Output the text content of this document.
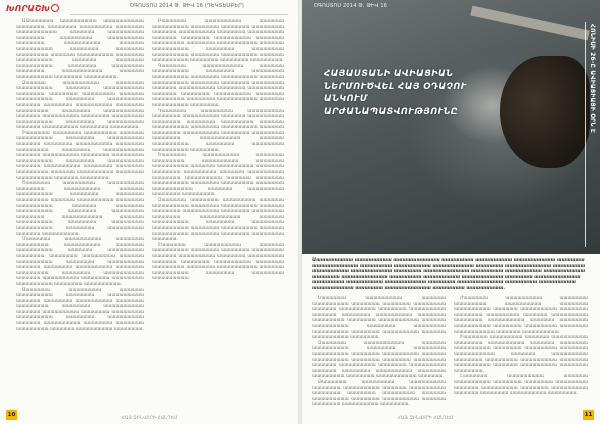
ԽՈՐԱՇԽ	ՕԳՈՍՏՈՍ 2014 Թ. ԹԻՎ 16 (ԴԵԿՏԵՄԲԵՐ)

ԱԱաաաաաա աաաաաաաաա աաաաաաաաաա աաաաաաա աաաաաաա աաաաաաաա աաաաաաա աաաաաաաաաա աաաաաա աաաաաաաաա աաաաաաա աաաաաաաա աաաաաաաաա աաաաաաա աաաաաաաաա աաաաաա աաաաաաաաա աաաաաաա աաաաաաա աաաաաաաա աաաաաա աաաաաաաաա աաաաաաա աաաաաաաաա աաաաաա աաաաաաա աաաաաաաաա աաաաաաա աաաաաաաա աաաաաաա աաաաաաաաաա աաաաաա աաաաաաաաա աաաաաաա աաաաաաաա.

Ձաաաաա աաաաաաաաա աաաաաաա աաաաաաաաա աաաաաա աաաաաաաաաա աաաաաաա աաաաաաա աաաաաաաա աաաաաա աաաաաաաաա աաաաաաա աաաաաաաաա աաաաաա աաաաաաա աաաաաաաաա աաաաաաա աաաաաաաա աաաաաաա աաաաաաաաաա աաաաաա աաաաաաաաա աաաաաաա աաաաաաաա աաաաաաաաա աաաաաաա աաաաաաաաա աաաաաա աաաաաաաաա աաաաաաա աաաաաաա.

Իաաաաաա աաաաաաա աաաաաաաա աաաաաա աաաաաաաաա աաաաաաա աաաաաաաաա աաաաաա աաաաաաա աաաաաաաաա աաաաաաա աաաաաաաա աաաաաաա աաաաաաաաաա աաաաաա աաաաաաաաա աաաաաաա աաաաաաաա աաաաաաաաա աաաաաաա աաաաաաաաա աաաաաա աաաաաաաաա աաաաաաա աաաաաաա աաաաաաաա աաաաաա աաաաաաաաա աաաաաաա աաաաաաաաա աաաաաա աաաաաաա.

Ծաաաաաա աաաաաաաա աաաաաաաաա աաաաաաա աաաաաաաաա աաաաաա աաաաաաաաա աաաաաաա աաաաաաա աաաաաաաա աաաաաա աաաաաաաաա աաաաաաա աաաաաաաաա աաաաաա աաաաաաա աաաաաաաաա աաաաաաա աաաաաաաա աաաաաաա աաաաաաաաաա աաաաաա աաաաաաաաա աաաաաաա աաաաաաաա աաաաաաաաա աաաաաաա աաաաաաաաա աաաաաա աաաաաաաաա.

Մաաաաաա աաաաաաաաա աաաաաաա աաաաաաաա աաաաաաաաա աաաաաաա աաաաաաաաա աաաաաա աաաաաաաաա աաաաաաա աաաաաաա աաաաաաաա աաաաաա աաաաաաաաա աաաաաաա աաաաաաաաա աաաաաա աաաաաաա աաաաաաաաա աաաաաաա աաաաաաաա աաաաաաա աաաաաաաաաա աաաաաա աաաաաաաաա աաաաաաա աաաաաաաա աաաաաաաաա աաաաաաա աաաաաաաաա.

Աաաաաաա աաաաաաաա աաաաաա աաաաաաաաա աաաաաաա աաաաաաաաա աաաաաա աաաաաաա աաաաաաաաա աաաաաաա աաաաաաաա աաաաաաա աաաաաաաաաա աաաաաա աաաաաաաաա աաաաաաա աաաաաաաա աաաաաաաաա աաաաաաա աաաաաաաաա աաաաաա աաաաաաաաա աաաաաաա աաաաաաա աաաաաաաա աաաաաա աաաաաաաաա աաաաաաա.

Բաաաաաա աաաաաաաաա աաաաաա աաաաաաաաա աաաաաաա աաաաաաա աաաաաաաա աաաաաա աաաաաաաաա աաաաաաա աաաաաաաաա աաաաաա աաաաաաա աաաաաաաաա աաաաաաա աաաաաաաա աաաաաաա աաաաաաաաաա աաաաաա աաաաաաաաա աաաաաաա աաաաաաաա աաաաաաաաա աաաաաաա աաաաաաաաա աաաաաա աաաաաաաաա աաաաաաա աաաաաաա աաաաաաաա.

Գաաաաաա աաաաաաաաաա աաաաաա աաաաաաաաա աաաաաաա աաաաաաաա աաաաաաաաա աաաաաաա աաաաաաաաա աաաաաա աաաաաաաաա աաաաաաա աաաաաաա աաաաաաաա աաաաաա աաաաաաաաա աաաաաաա աաաաաաաաա աաաաաա աաաաաաա աաաաաաաաա աաաաաաա աաաաաաաա աաաաաաա աաաաաաաաաա աաաաաա աաաաաաաաա աաաաաաա.

Դաաաաաա աաաաաաաա աաաաաաաաա աաաաաաա աաաաաաաաա աաաաաա աաաաաաաաա աաաաաաա աաաաաաա աաաաաաաա աաաաաա աաաաաաաաա աաաաաաա աաաաաաաաա աաաաաա աաաաաաա աաաաաաաաա աաաաաաա աաաաաաաա աաաաաաա աաաաաաաաաա աաաաաա աաաաաաաաա աաաաաաա աաաաաաաա աաաաաաաաա աաաաաաա.

Եաաաաաա աաաաաաաաա աաաաաաա աաաաաաաա աաաաաաաաա աաաաաաա աաաաաաաաա աաաաաա աաաաաաաաա աաաաաաա աաաաաաա աաաաաաաա աաաաաա աաաաաաաաա աաաաաաա աաաաաաաաա աաաաաա աաաաաաա աաաաաաաաա աաաաաաա աաաաաաաա աաաաաաա աաաաաաաաաա աաաաաա աաաաաաաաա աաաաաաա աաաաաաաա.

Զաաաաաա աաաաաաա աաաաաաաա աաաաաա աաաաաաաաա աաաաաաա աաաաաաաաա աաաաաա աաաաաաա աաաաաաաաա աաաաաաա աաաաաաաա աաաաաաա աաաաաաաաաա աաաաաա աաաաաաաաա աաաաաաա աաաաաաաա աաաաաաաաա աաաաաաա աաաաաաաաա աաաաաա աաաաաաաաա աաաաաաա աաաաաաա աաաաաաաա աաաաաա.

Էաաաաաա աաաաաաաաա աաաաաա աաաաաաաաա աաաաաաա աաաաաաա աաաաաաաա աաաաաա աաաաաաաաա աաաաաաա աաաաաաաաա աաաաաա աաաաաաա աաաաաաաաա աաաաաաա աաաաաաաա աաաաաաա աաաաաաաաաա աաաաաա աաաաաաաաա աաաաաաա աաաաաաաա աաաաաաաաա.

10	ՀԱՅ ԶԻՆՎՈՐԻ ՀԱՆԴԵՍ
ՀՈՆԻՍԻ 26-Ը ԱՎԻԱՑԻԱՅԻ ՕՐՆ Է
ՕԳՈՍՏՈՍ 2014 Թ. ԹԻՎ 16
ՀԱՅԱՍՏԱՆԻ ԱՎԻԱՑԻԱՆ
ՆԵՐՄՈՒԾՎԵԼ ՀԱՅ ՕԴԱՉՈՒ
ԱՆԿՈՒՄ ԱՐԺԱՆԱՊԱՏՎՈՒԹՅՈՒՆԸ
Աաաաաաաաա աաաաաաաա աաաաաաաաաա աաաաաաա աաաաաաաա աաաաաաաաա աաաաաա աաաաաաաաաա աաաաաաա աաաաաաաա աաաաաաաաա աաաաաա աաաաաաաաաա աաաաաաա աաաաաաաա աաաաաաաաա աաաաաա աաաաաաաաաա աաաաաաա աաաաաաաա աաաաաաաաա աաաաաա աաաաաաաաաա աաաաաաա աաաաաաաա աաաաաաաաա աաաաաա աաաաաաաաաա աաաաաաա աաաաաաաա աաաաաաաաա աաաաաա աաաաաաաաաա աաաաաաա աաաաաաաա աաաաաաաաա աաաաաա աաաաաաաաաա աաաաաաա աաաաաաաա.

Եաաաաաա աաաաաաաաա աաաաաա աաաաաաաաա աաաաաաա աաաաաաա աաաաաաաա աաաաաա աաաաաաաաա աաաաաաա աաաաաաաաա աաաաաա աաաաաաա աաաաաաաաա աաաաաաա աաաաաաաա աաաաաաա աաաաաաաաաա աաաաաա աաաաաաաաա աաաաաաա աաաաաաաա աաաաաաաաա աաաաաաա աաաաաաաաա աաաաաա աաաաաաաաա աաաաաաա.

Զաաաաաա աաաաաաաաաա աաաաաա աաաաաաաաա աաաաաաա աաաաաաաա աաաաաաաաա աաաաաաա աաաաաաաաա աաաաաա աաաաաաաաա աաաաաաա աաաաաաա աաաաաաաա աաաաաա աաաաաաաաա աաաաաաա աաաաաաաաա աաաաաա աաաաաաա աաաաաաաաա աաաաաաա աաաաաաաա աաաաաաա աաաաաաաաաա աաաաաա.

Թաաաաաա աաաաաաաա աաաաաաաաա աաաաաաա աաաաաաաաա աաաաաա աաաաաաաաա աաաաաաա աաաաաաա աաաաաաաա աաաաաա աաաաաաաաա աաաաաաա աաաաաաաաա աաաաաա աաաաաաա աաաաաաաաա աաաաաաա.

Ժաաաաաա աաաաաաաաա աաաաաաա աաաաաաաա աաաաաաաաա աաաաաաա աաաաաաաաա աաաաաա աաաաաաաաա աաաաաաա աաաաաաա աաաաաաաա աաաաաա աաաաաաաաա աաաաաաա աաաաաաաաա աաաաաա աաաաաաա աաաաաաաաա աաաաաաա աաաաաաաա աաաաաաա աաաաաաաաաա աաաաաա աաաաաաաաա.

Իաաաաաա աաաաաաաա աաաաաա աաաաաաաաա աաաաաաա աաաաաաաաա աաաաաա աաաաաաա աաաաաաաաա աաաաաաա աաաաաաաա աաաաաաա աաաաաաաաաա աաաաաա աաաաաաաաա աաաաաաա աաաաաաաա աաաաաաաաա աաաաաաա աաաաաաաաա աաաաաա աաաաաաաաա աաաաաաա աաաաաաա.

Լաաաաաա աաաաաաաաա աաաաաա աաաաաաաաա աաաաաաա աաաաաաա աաաաաաաա աաաաաա աաաաաաաաա աաաաաաա աաաաաաաաա աաաաաա աաաաաաա աաաաաաաաա աաաաաաա.

ՀԱՅ ԶԻՆՎՈՐԻ ՀԱՆԴԵՍ	11
